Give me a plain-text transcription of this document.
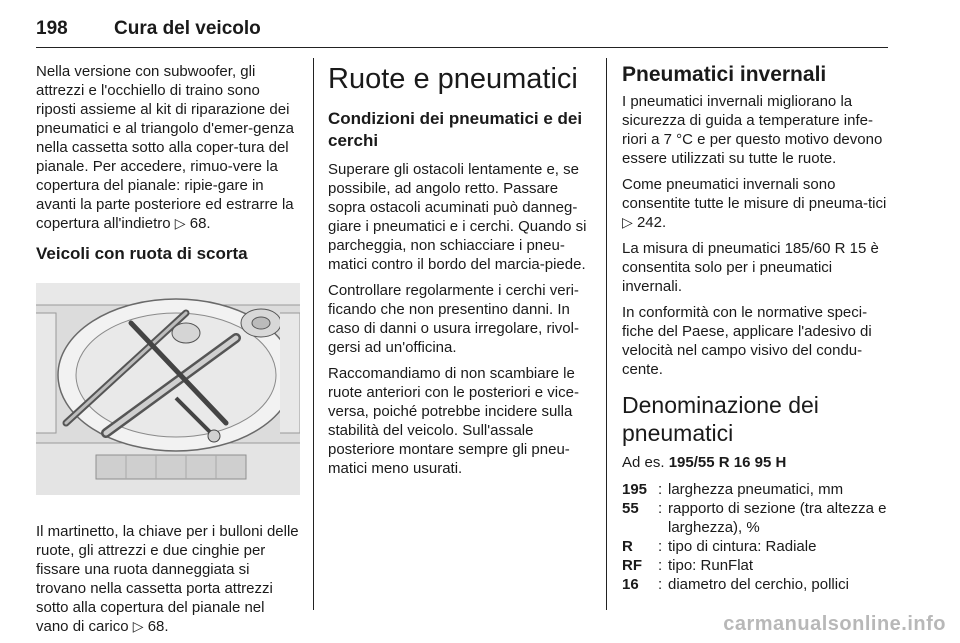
198 Cura del veicolo

Nella versione con subwoofer, gli attrezzi e l'occhiello di traino sono riposti assieme al kit di riparazione dei pneumatici e al triangolo d'emer-genza nella cassetta sotto alla coper-tura del pianale. Per accedere, rimuo-vere la copertura del pianale: ripie-gare in avanti la parte posteriore ed estrarre la copertura all'indietro ▷ 68.

Veicoli con ruota di scorta

Il martinetto, la chiave per i bulloni delle ruote, gli attrezzi e due cinghie per fissare una ruota danneggiata si trovano nella cassetta porta attrezzi sotto alla copertura del pianale nel vano di carico ▷ 68.

Ruote e pneumatici
Condizioni dei pneumatici e dei cerchi

Superare gli ostacoli lentamente e, se possibile, ad angolo retto. Passare sopra ostacoli acuminati può danneg-giare i pneumatici e i cerchi. Quando si parcheggia, non schiacciare i pneu-matici contro il bordo del marcia-piede.

Controllare regolarmente i cerchi veri-ficando che non presentino danni. In caso di danni o usura irregolare, rivol-gersi ad un'officina.

Raccomandiamo di non scambiare le ruote anteriori con le posteriori e vice-versa, poiché potrebbe incidere sulla stabilità del veicolo. Sull'assale posteriore montare sempre gli pneu-matici meno usurati.

Pneumatici invernali

I pneumatici invernali migliorano la sicurezza di guida a temperature infe-riori a 7 °C e per questo motivo devono essere utilizzati su tutte le ruote.

Come pneumatici invernali sono consentite tutte le misure di pneuma-tici ▷ 242.

La misura di pneumatici 185/60 R 15 è consentita solo per i pneumatici invernali.

In conformità con le normative speci-fiche del Paese, applicare l'adesivo di velocità nel campo visivo del condu-cente.

Denominazione dei pneumatici

Ad es. 195/55 R 16 95 H

195 : larghezza pneumatici, mm
55	: rapporto di sezione (tra altezza e larghezza), %
R	: tipo di cintura: Radiale
RF	: tipo: RunFlat
16	: diametro del cerchio, pollici
carmanualsonline.info
